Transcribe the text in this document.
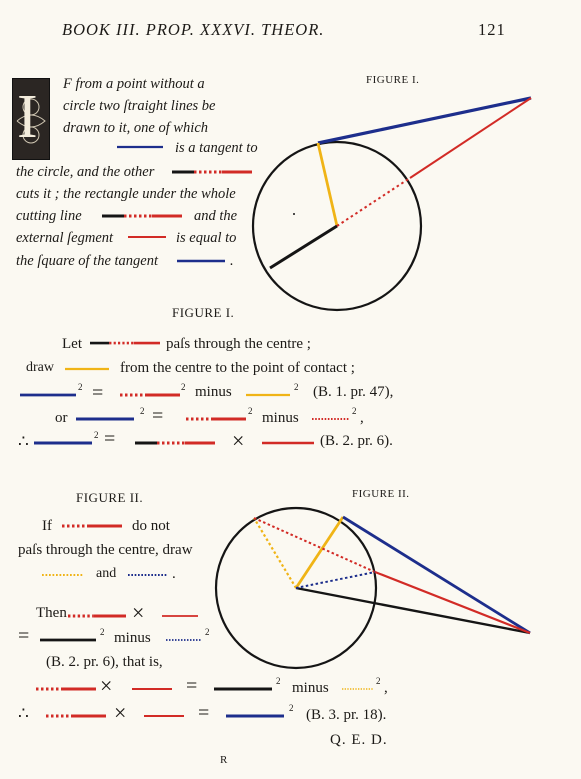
BOOK III. PROP. XXXVI. THEOR.	121
I F from a point without a
circle two ſtraight lines be
drawn to it, one of which
is a tangent to
the circle, and the other
cuts it ; the rectangle under the whole
cutting line	and the
external ſegment	is equal to
the ſquare of the tangent	.
FIGURE I.
FIGURE I.
Let	paſs through the centre ;
draw	from the centre to the point of contact ;
2 =	2 minus	2 (B. 1. pr. 47),
or	2 =	2 minus	2 ,
∴	2 =	×	(B. 2. pr. 6).
FIGURE II.	FIGURE II.
If	do not
paſs through the centre, draw
and	.
Then	×
=	2 minus	2
(B. 2. pr. 6), that is,
×	=	2 minus	2 ,
∴	×	=	2 (B. 3. pr. 18).
Q. E. D.
R
